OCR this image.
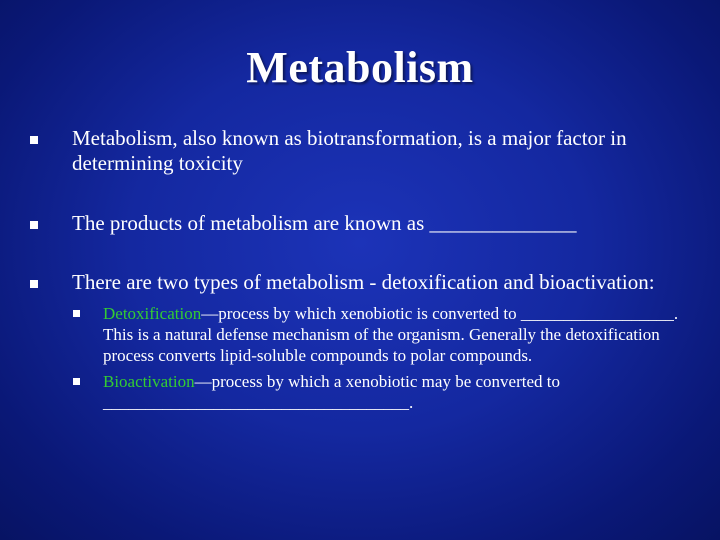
Metabolism
Metabolism, also known as biotransformation, is a major factor in determining toxicity
The products of metabolism are known as ______________
There are two types of metabolism - detoxification and bioactivation:
Detoxification—process by which xenobiotic is converted to __________________. This is a natural defense mechanism of the organism. Generally the detoxification process converts lipid-soluble compounds to polar compounds.
Bioactivation—process by which a xenobiotic may be converted to ____________________________________.
